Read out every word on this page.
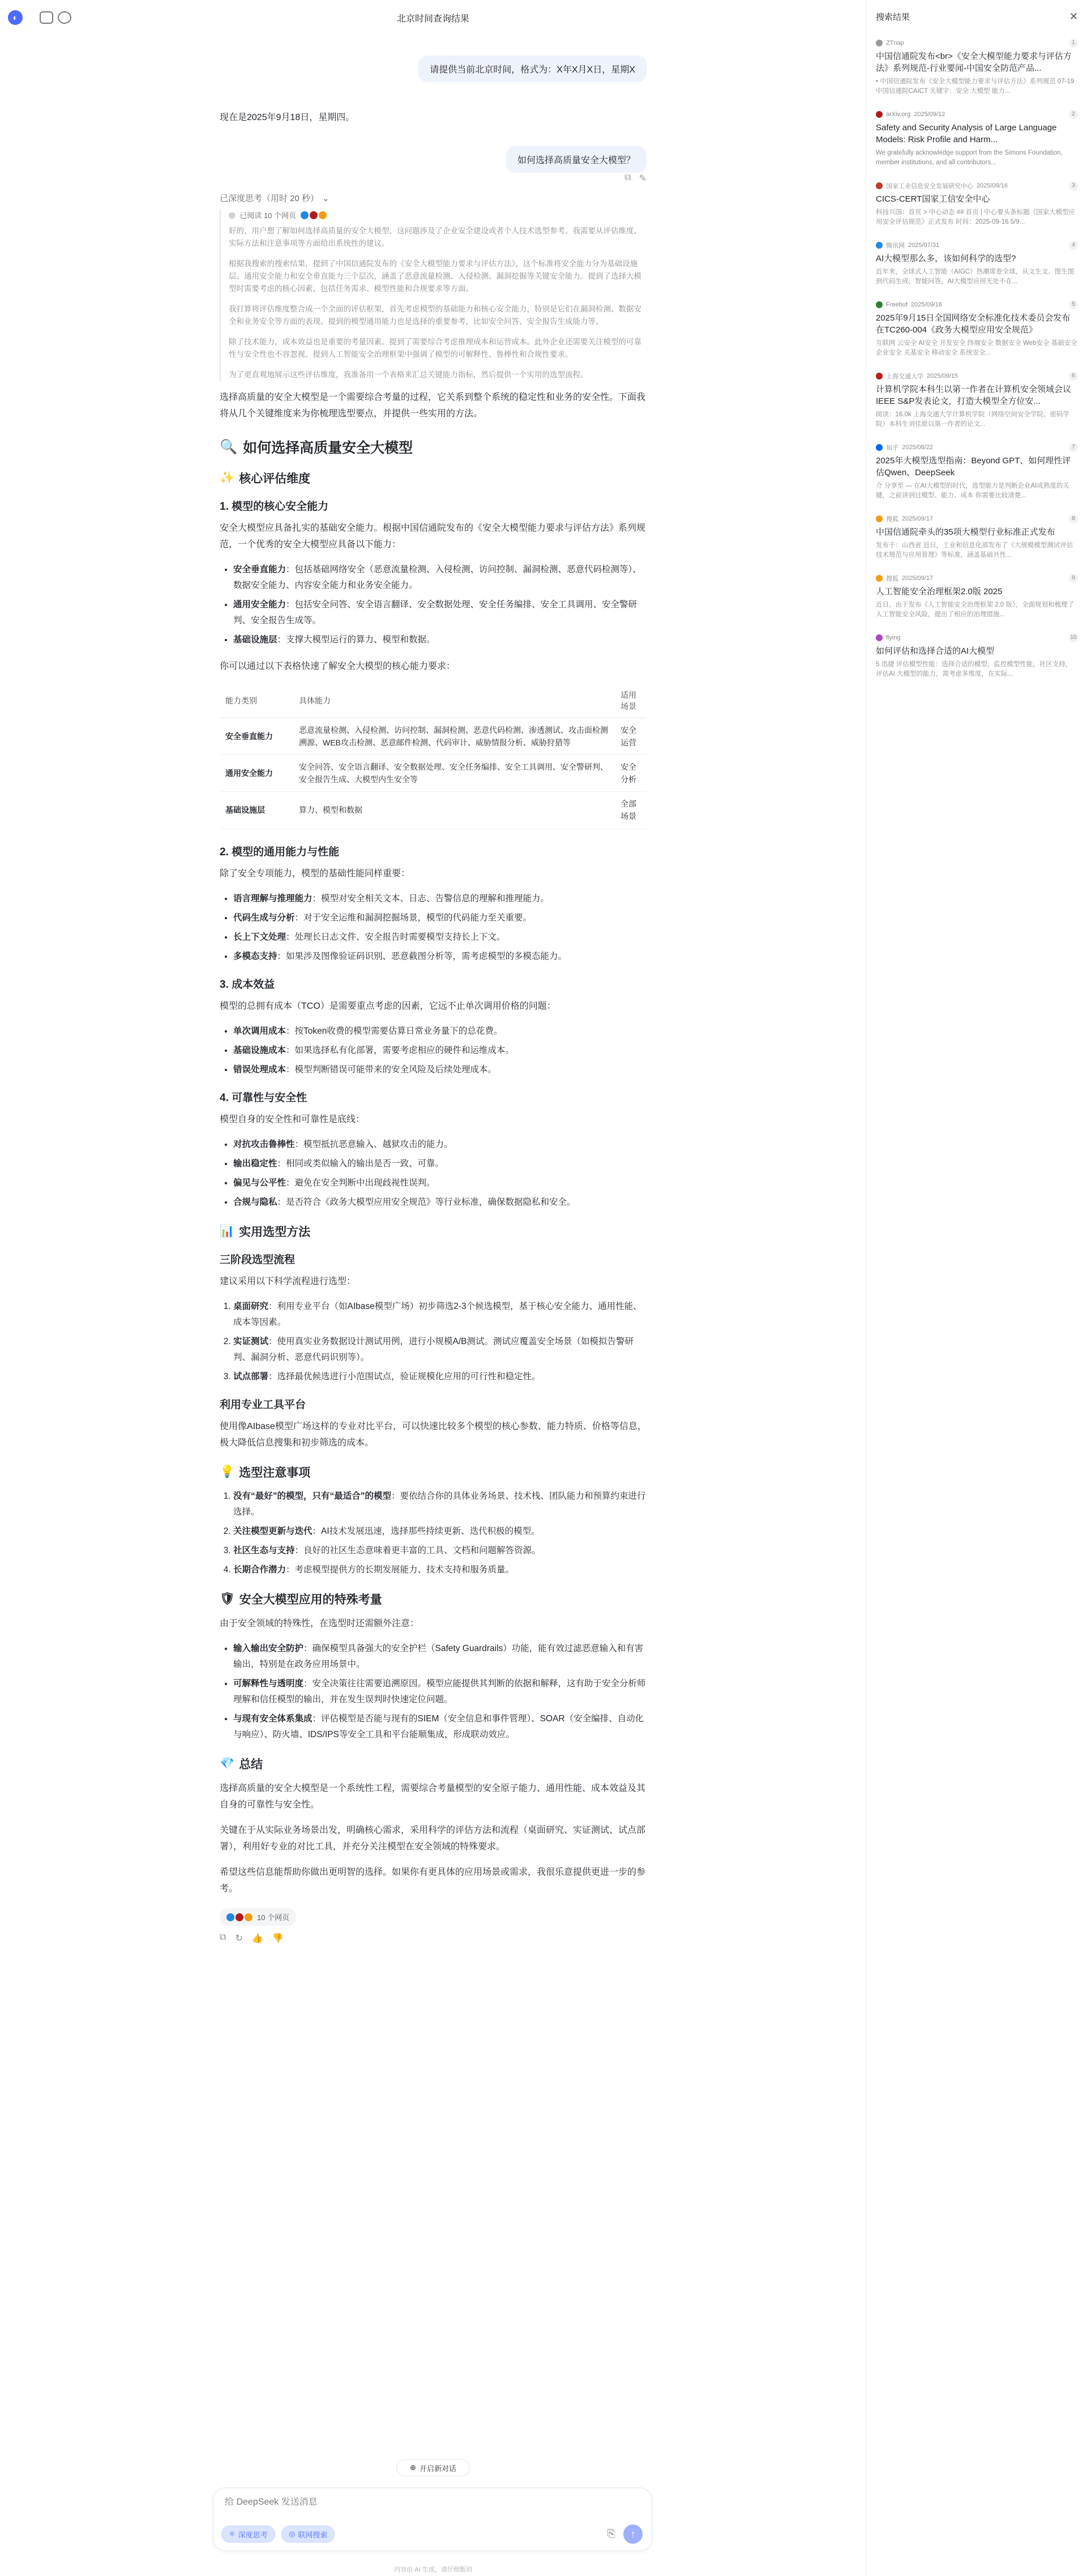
◐	北京时间查询结果
请提供当前北京时间，格式为：X年X月X日，星期X

现在是2025年9月18日，星期四。

如何选择高质量安全大模型？
⧉ ✎
已深度思考（用时 20 秒） ⌄
◎ 已阅读 10 个网页

好的，用户想了解如何选择高质量的安全大模型。这问题涉及了企业安全建设或者个人技术选型参考。我需要从评估维度、实际方法和注意事项等方面给出系统性的建议。

根据我搜索的搜索结果，提到了中国信通院发布的《安全大模型能力要求与评估方法》，这个标准将安全能力分为基础设施层、通用安全能力和安全垂直能力三个层次，涵盖了恶意流量检测、入侵检测、漏洞挖掘等关键安全能力。提到了选择大模型时需要考虑的核心因素，包括任务需求、模型性能和合规要求等方面。

我打算将评估维度整合成一个全面的评估框架，首先考虑模型的基础能力和核心安全能力，特别是它们在漏洞检测、数据安全和业务安全等方面的表现。提到的模型通用能力也是选择的重要参考，比如安全问答、安全报告生成能力等。

除了技术能力，成本效益也是重要的考量因素。提到了需要综合考虑推理成本和运营成本。此外企业还需要关注模型的可靠性与安全性也不容忽视。提到人工智能安全治理框架中强调了模型的可解释性、鲁棒性和合规性要求。

为了更直观地展示这些评估维度，我准备用一个表格来汇总关键能力指标，然后提供一个实用的选型流程。

选择高质量的安全大模型是一个需要综合考量的过程，它关系到整个系统的稳定性和业务的安全性。下面我将从几个关键维度来为你梳理选型要点，并提供一些实用的方法。

🔍 如何选择高质量安全大模型
✨ 核心评估维度
1. 模型的核心安全能力

安全大模型应具备扎实的基础安全能力。根据中国信通院发布的《安全大模型能力要求与评估方法》系列规范，一个优秀的安全大模型应具备以下能力：

• 安全垂直能力：包括基础网络安全（恶意流量检测、入侵检测、访问控制、漏洞检测、恶意代码检测等）、数据安全能力、内容安全能力和业务安全能力。
• 通用安全能力：包括安全问答、安全语言翻译、安全数据处理、安全任务编排、安全工具调用、安全警研判、安全报告生成等。
• 基础设施层：支撑大模型运行的算力、模型和数据。

你可以通过以下表格快速了解安全大模型的核心能力要求：

能力类别	具体能力	适用场景
安全垂直能力	恶意流量检测、入侵检测、访问控制、漏洞检测、恶意代码检测、渗透测试、攻击面检测溯源、WEB攻击检测、恶意邮件检测、代码审计、威胁情报分析、威胁狩猎等	安全运营
通用安全能力	安全问答、安全语言翻译、安全数据处理、安全任务编排、安全工具调用、安全警研判、安全报告生成、大模型内生安全等	安全分析
基础设施层	算力、模型和数据	全部场景
2. 模型的通用能力与性能

除了安全专项能力，模型的基础性能同样重要：

• 语言理解与推理能力：模型对安全相关文本、日志、告警信息的理解和推理能力。
• 代码生成与分析：对于安全运维和漏洞挖掘场景，模型的代码能力至关重要。
• 长上下文处理：处理长日志文件、安全报告时需要模型支持长上下文。
• 多模态支持：如果涉及图像验证码识别、恶意截图分析等，需考虑模型的多模态能力。
3. 成本效益

模型的总拥有成本（TCO）是需要重点考虑的因素，它远不止单次调用价格的问题：

• 单次调用成本：按Token收费的模型需要估算日常业务量下的总花费。
• 基础设施成本：如果选择私有化部署，需要考虑相应的硬件和运维成本。
• 错误处理成本：模型判断错误可能带来的安全风险及后续处理成本。
4. 可靠性与安全性

模型自身的安全性和可靠性是底线：

• 对抗攻击鲁棒性：模型抵抗恶意输入、越狱攻击的能力。
• 输出稳定性：相同或类似输入的输出是否一致、可靠。
• 偏见与公平性：避免在安全判断中出现歧视性误判。
• 合规与隐私：是否符合《政务大模型应用安全规范》等行业标准，确保数据隐私和安全。
📊 实用选型方法
三阶段选型流程

建议采用以下科学流程进行选型：

1. 桌面研究：利用专业平台（如AIbase模型广场）初步筛选2-3个候选模型，基于核心安全能力、通用性能、成本等因素。
2. 实证测试：使用真实业务数据设计测试用例，进行小规模A/B测试。测试应覆盖安全场景（如模拟告警研判、漏洞分析、恶意代码识别等）。
3. 试点部署：选择最优候选进行小范围试点，验证规模化应用的可行性和稳定性。
利用专业工具平台

使用像AIbase模型广场这样的专业对比平台，可以快速比较多个模型的核心参数、能力特质、价格等信息，极大降低信息搜集和初步筛选的成本。

💡 选型注意事项
1. 没有“最好”的模型，只有“最适合”的模型：要依结合你的具体业务场景、技术栈、团队能力和预算约束进行选择。
2. 关注模型更新与迭代：AI技术发展迅速，选择那些持续更新、迭代积极的模型。
3. 社区生态与支持：良好的社区生态意味着更丰富的工具、文档和问题解答资源。
4. 长期合作潜力：考虑模型提供方的长期发展能力、技术支持和服务质量。
🛡 安全大模型应用的特殊考量

由于安全领域的特殊性，在选型时还需额外注意：

• 输入输出安全防护：确保模型具备强大的安全护栏（Safety Guardrails）功能，能有效过滤恶意输入和有害输出，特别是在政务应用场景中。
• 可解释性与透明度：安全决策往往需要追溯原因。模型应能提供其判断的依据和解释，这有助于安全分析师理解和信任模型的输出，并在发生误判时快速定位问题。
• 与现有安全体系集成：评估模型是否能与现有的SIEM（安全信息和事件管理）、SOAR（安全编排、自动化与响应）、防火墙、IDS/IPS等安全工具和平台能顺集成，形成联动效应。
💎 总结

选择高质量的安全大模型是一个系统性工程，需要综合考量模型的安全原子能力、通用性能、成本效益及其自身的可靠性与安全性。

关键在于从实际业务场景出发，明确核心需求，采用科学的评估方法和流程（桌面研究、实证测试、试点部署），利用好专业的对比工具，并充分关注模型在安全领域的特殊要求。

希望这些信息能帮助你做出更明智的选择。如果你有更具体的应用场景或需求，我很乐意提供更进一步的参考。

10 个网页
⧉ ↻ 👍 👎
⊕ 开启新对话
给 DeepSeek 发送消息
⚛ 深度思考	◎ 联网搜索	⎘ ↑
内容由 AI 生成，请仔细甄别
搜索结果	✕
ZTnap	1
中国信通院发布<br>《安全大模型能力要求与评估方法》系列规范-行业要闻-中国安全防范产品...
• 中国信通院发布《安全大模型能力要求与评估方法》系列规范 07-19 中国信通院CAICT 关键字：安全 大模型 能力...
arXiv.org 2025/09/12	2
Safety and Security Analysis of Large Language Models: Risk Profile and Harm...
We gratefully acknowledge support from the Simons Foundation, member institutions, and all contributors...
国家工业信息安全发展研究中心 2025/09/16	3
CICS-CERT国家工信安全中心
科技兴国：首页 > 中心动态 ## 首页 | 中心要头条标题《国家大模型应用安全评估规范》正式发布 时间：2025-09-16 5/9...
腾讯网 2025/07/31	4
AI大模型那么多，该如何科学的选型?
近年来，全球式人工智能（AIGC）热潮席卷全球，从文生文、图生图到代码生成、智能问答，AI大模型应用无处不在...
Freebuf 2025/09/16	5
2025年9月15日全国网络安全标准化技术委员会发布在TC260-004《政务大模型应用安全规范》
互联网 云安全 AI安全 开发安全 终端安全 数据安全 Web安全 基础安全 企业安全 关基安全 移动安全 系统安全...
上海交通大学 2025/09/15	6
计算机学院本科生以第一作者在计算机安全领域会议IEEE S&P发表论文，打造大模型全方位安...
阅读：16.0k 上海交通大学计算机学院（网络空间安全学院、密码学院）本科生刘佳原以第一作者的论文...
知乎 2025/08/22	7
2025年大模型选型指南：Beyond GPT、如何理性评估Qwen、DeepSeek
介 分享至 — 在AI大模型的时代，选型能力是判断企业AI成熟度的关键，之前讲到过模型、能力、成本 你需要比较清楚...
搜狐 2025/09/17	8
中国信通院牵头的35项大模型行业标准正式发布
发布于：山西省 近日，工业和信息化部发布了《大规模模型测试评估技术规范与应用管理》等标准，涵盖基础共性...
搜狐 2025/09/17	9
人工智能安全治理框架2.0版 2025
近日，由于发布《人工智能安全治理框架 2.0 版》，全面规划和梳理了人工智能安全风险，提出了相应的治理措施...
flying	10
如何评估和选择合适的AI大模型
5 迅捷 评估模型性能：选择合适的模型，监控模型性能，社区支持，评估AI 大模型的能力，需考虑多维度，在实际...
